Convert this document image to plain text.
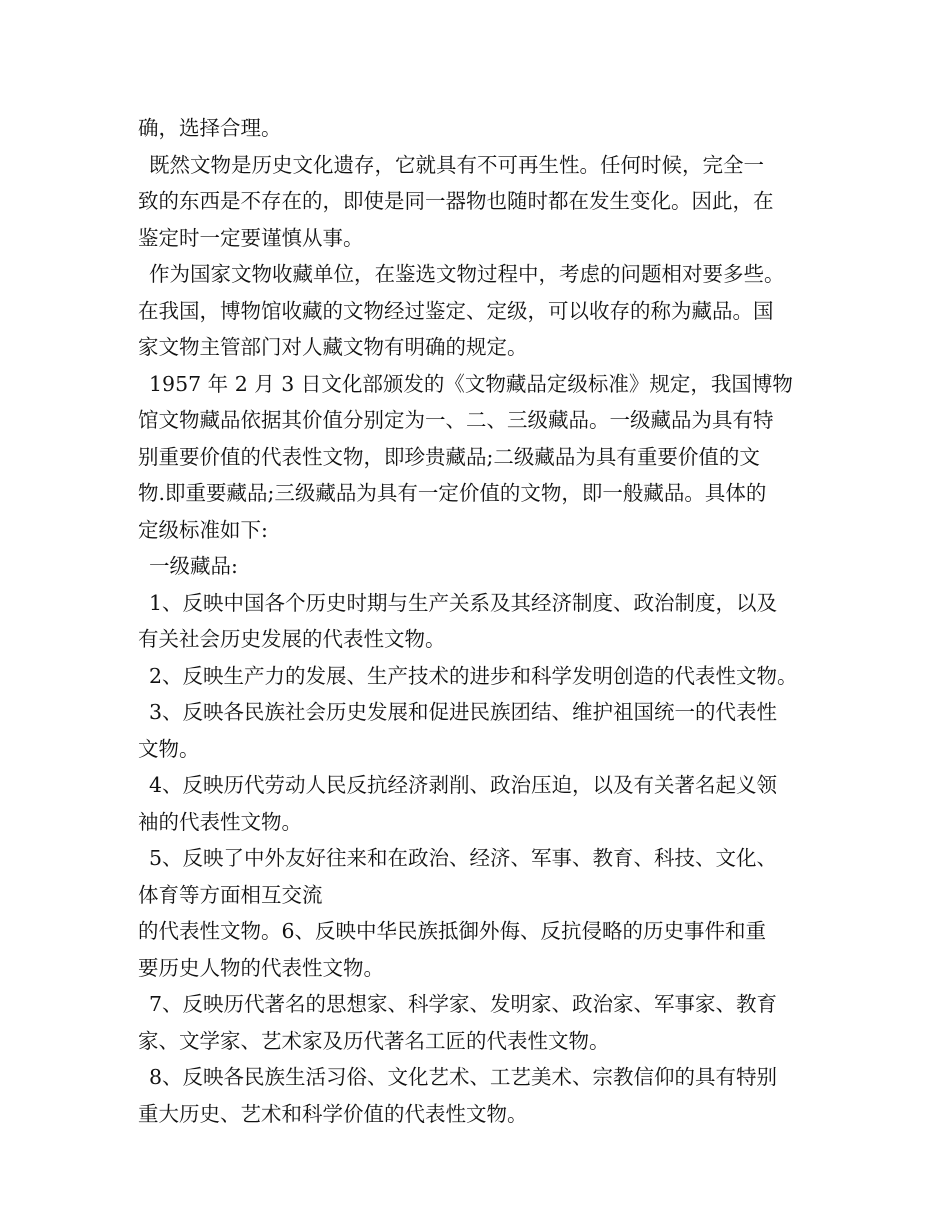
确，选择合理。
既然文物是历史文化遗存，它就具有不可再生性。任何时候，完全一
致的东西是不存在的，即使是同一器物也随时都在发生变化。因此，在
鉴定时一定要谨慎从事。
作为国家文物收藏单位，在鉴选文物过程中，考虑的问题相对要多些。
在我国，博物馆收藏的文物经过鉴定、定级，可以收存的称为藏品。国
家文物主管部门对人藏文物有明确的规定。
1957 年 2 月 3 日文化部颁发的《文物藏品定级标准》规定，我国博物
馆文物藏品依据其价值分别定为一、二、三级藏品。一级藏品为具有特
别重要价值的代表性文物，即珍贵藏品;二级藏品为具有重要价值的文
物.即重要藏品;三级藏品为具有一定价值的文物，即一般藏品。具体的
定级标准如下:
一级藏品:
1、反映中国各个历史时期与生产关系及其经济制度、政治制度，以及
有关社会历史发展的代表性文物。
2、反映生产力的发展、生产技术的进步和科学发明创造的代表性文物。
3、反映各民族社会历史发展和促进民族团结、维护祖国统一的代表性
文物。
4、反映历代劳动人民反抗经济剥削、政治压迫，以及有关著名起义领
袖的代表性文物。
5、反映了中外友好往来和在政治、经济、军事、教育、科技、文化、
体育等方面相互交流
的代表性文物。6、反映中华民族抵御外侮、反抗侵略的历史事件和重
要历史人物的代表性文物。
7、反映历代著名的思想家、科学家、发明家、政治家、军事家、教育
家、文学家、艺术家及历代著名工匠的代表性文物。
8、反映各民族生活习俗、文化艺术、工艺美术、宗教信仰的具有特别
重大历史、艺术和科学价值的代表性文物。
